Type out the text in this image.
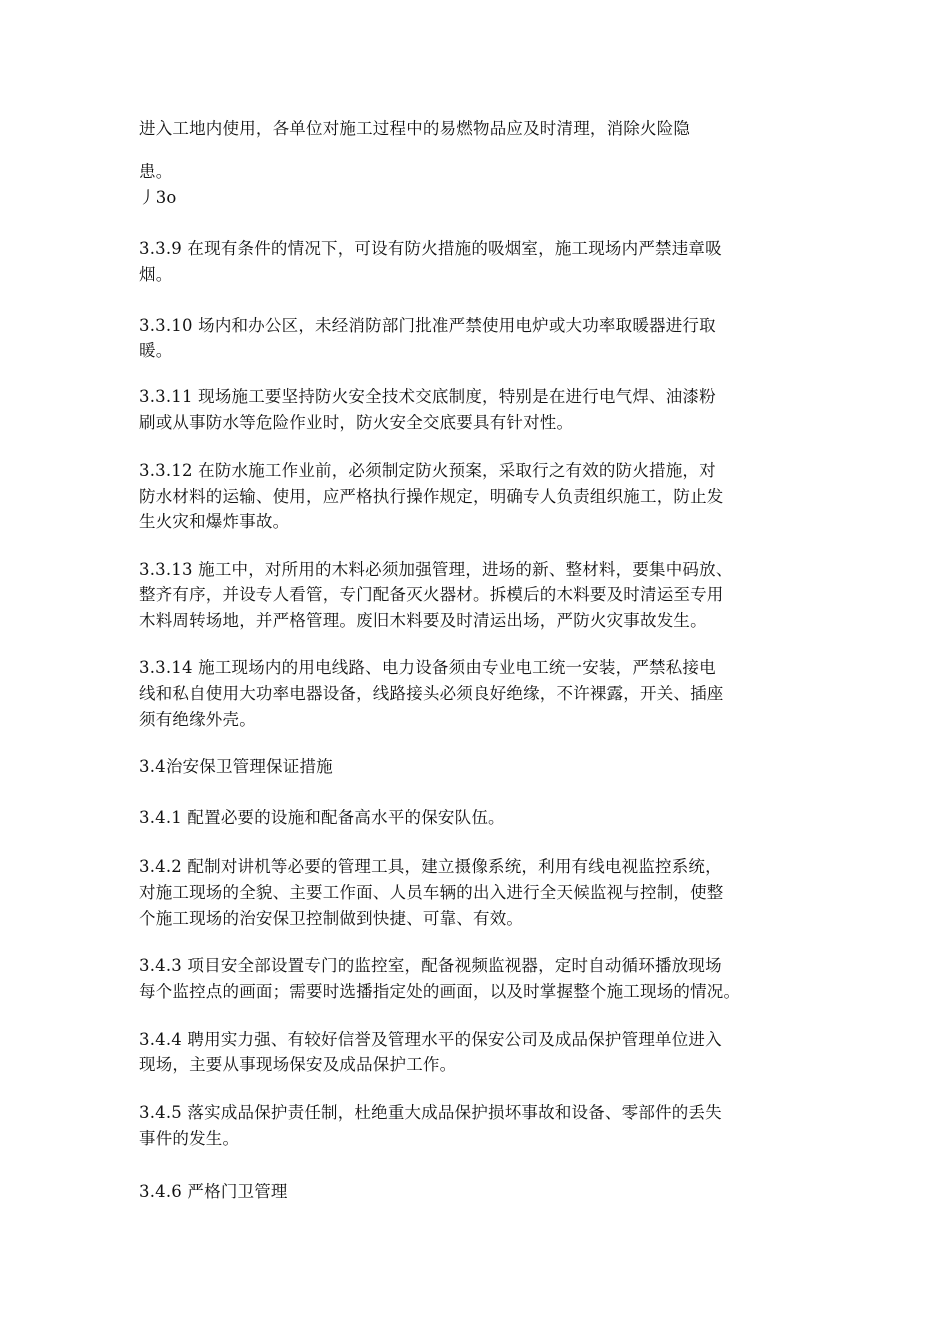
进入工地内使用，各单位对施工过程中的易燃物品应及时清理，消除火险隐
患。
丿3o
3.3.9 在现有条件的情况下，可设有防火措施的吸烟室，施工现场内严禁违章吸
烟。
3.3.10 场内和办公区，未经消防部门批准严禁使用电炉或大功率取暖器进行取
暖。
3.3.11 现场施工要坚持防火安全技术交底制度，特别是在进行电气焊、油漆粉
刷或从事防水等危险作业时，防火安全交底要具有针对性。
3.3.12 在防水施工作业前，必须制定防火预案，采取行之有效的防火措施，对
防水材料的运输、使用，应严格执行操作规定，明确专人负责组织施工，防止发
生火灾和爆炸事故。
3.3.13 施工中，对所用的木料必须加强管理，进场的新、整材料，要集中码放、
整齐有序，并设专人看管，专门配备灭火器材。拆模后的木料要及时清运至专用
木料周转场地，并严格管理。废旧木料要及时清运出场，严防火灾事故发生。
3.3.14 施工现场内的用电线路、电力设备须由专业电工统一安装，严禁私接电
线和私自使用大功率电器设备，线路接头必须良好绝缘，不许裸露，开关、插座
须有绝缘外壳。
3.4治安保卫管理保证措施
3.4.1 配置必要的设施和配备高水平的保安队伍。
3.4.2 配制对讲机等必要的管理工具，建立摄像系统，利用有线电视监控系统，
对施工现场的全貌、主要工作面、人员车辆的出入进行全天候监视与控制，使整
个施工现场的治安保卫控制做到快捷、可靠、有效。
3.4.3 项目安全部设置专门的监控室，配备视频监视器，定时自动循环播放现场
每个监控点的画面；需要时选播指定处的画面，以及时掌握整个施工现场的情况。
3.4.4 聘用实力强、有较好信誉及管理水平的保安公司及成品保护管理单位进入
现场，主要从事现场保安及成品保护工作。
3.4.5 落实成品保护责任制，杜绝重大成品保护损坏事故和设备、零部件的丢失
事件的发生。
3.4.6 严格门卫管理
